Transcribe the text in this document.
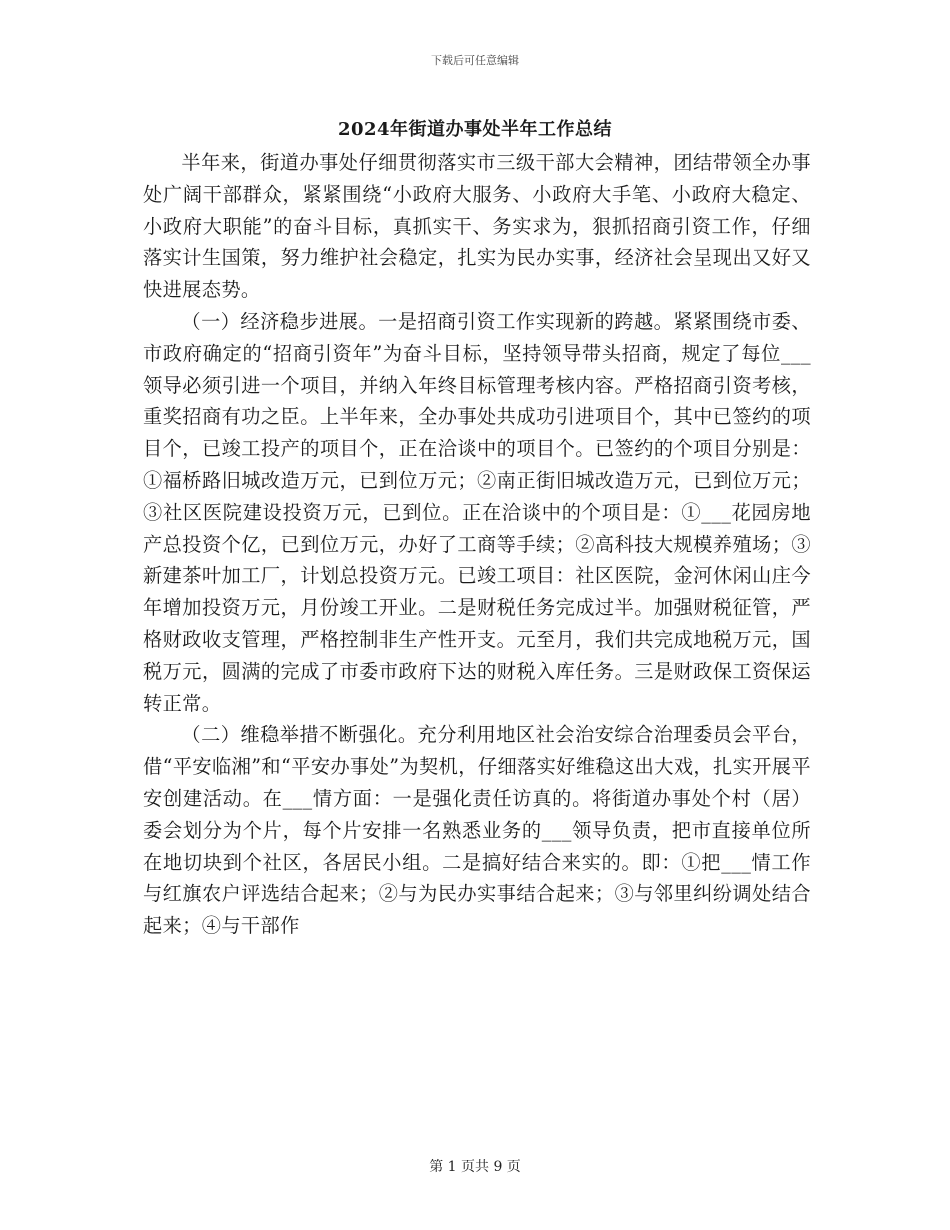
下载后可任意编辑
2024年街道办事处半年工作总结

半年来，街道办事处仔细贯彻落实市三级干部大会精神，团结带领全办事处广阔干部群众，紧紧围绕“小政府大服务、小政府大手笔、小政府大稳定、小政府大职能”的奋斗目标，真抓实干、务实求为，狠抓招商引资工作，仔细落实计生国策，努力维护社会稳定，扎实为民办实事，经济社会呈现出又好又快进展态势。

（一）经济稳步进展。一是招商引资工作实现新的跨越。紧紧围绕市委、市政府确定的“招商引资年”为奋斗目标，坚持领导带头招商，规定了每位___领导必须引进一个项目，并纳入年终目标管理考核内容。严格招商引资考核，重奖招商有功之臣。上半年来，全办事处共成功引进项目个，其中已签约的项目个，已竣工投产的项目个，正在洽谈中的项目个。已签约的个项目分别是：①福桥路旧城改造万元，已到位万元；②南正街旧城改造万元，已到位万元；③社区医院建设投资万元，已到位。正在洽谈中的个项目是：①___花园房地产总投资个亿，已到位万元，办好了工商等手续；②高科技大规模养殖场；③新建茶叶加工厂，计划总投资万元。已竣工项目：社区医院，金河休闲山庄今年增加投资万元，月份竣工开业。二是财税任务完成过半。加强财税征管，严格财政收支管理，严格控制非生产性开支。元至月，我们共完成地税万元，国税万元，圆满的完成了市委市政府下达的财税入库任务。三是财政保工资保运转正常。

（二）维稳举措不断强化。充分利用地区社会治安综合治理委员会平台，借“平安临湘”和“平安办事处”为契机，仔细落实好维稳这出大戏，扎实开展平安创建活动。在___情方面：一是强化责任访真的。将街道办事处个村（居）委会划分为个片，每个片安排一名熟悉业务的___领导负责，把市直接单位所在地切块到个社区，各居民小组。二是搞好结合来实的。即：①把___情工作与红旗农户评选结合起来；②与为民办实事结合起来；③与邻里纠纷调处结合起来；④与干部作

第 1 页共 9 页
